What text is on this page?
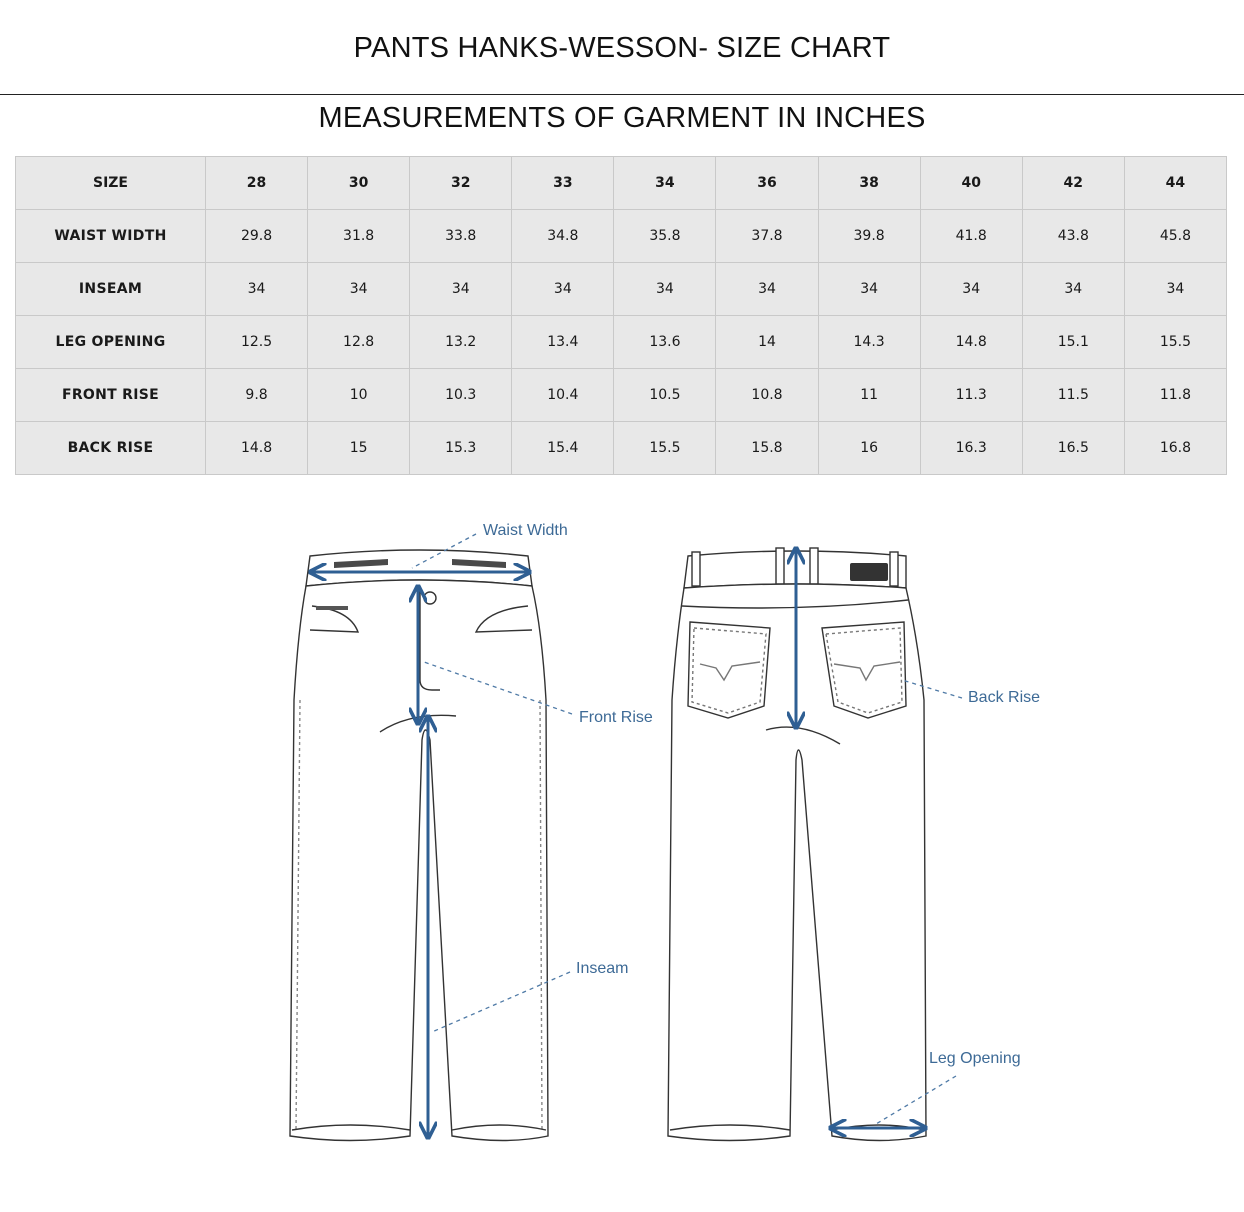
PANTS HANKS-WESSON- SIZE CHART
MEASUREMENTS OF GARMENT IN INCHES
SIZE	28	30	32	33	34	36	38	40	42	44
WAIST WIDTH	29.8	31.8	33.8	34.8	35.8	37.8	39.8	41.8	43.8	45.8
INSEAM	34	34	34	34	34	34	34	34	34	34
LEG OPENING	12.5	12.8	13.2	13.4	13.6	14	14.3	14.8	15.1	15.5
FRONT RISE	9.8	10	10.3	10.4	10.5	10.8	11	11.3	11.5	11.8
BACK RISE	14.8	15	15.3	15.4	15.5	15.8	16	16.3	16.5	16.8
Waist Width
Front Rise
Back Rise
Inseam
Leg Opening
